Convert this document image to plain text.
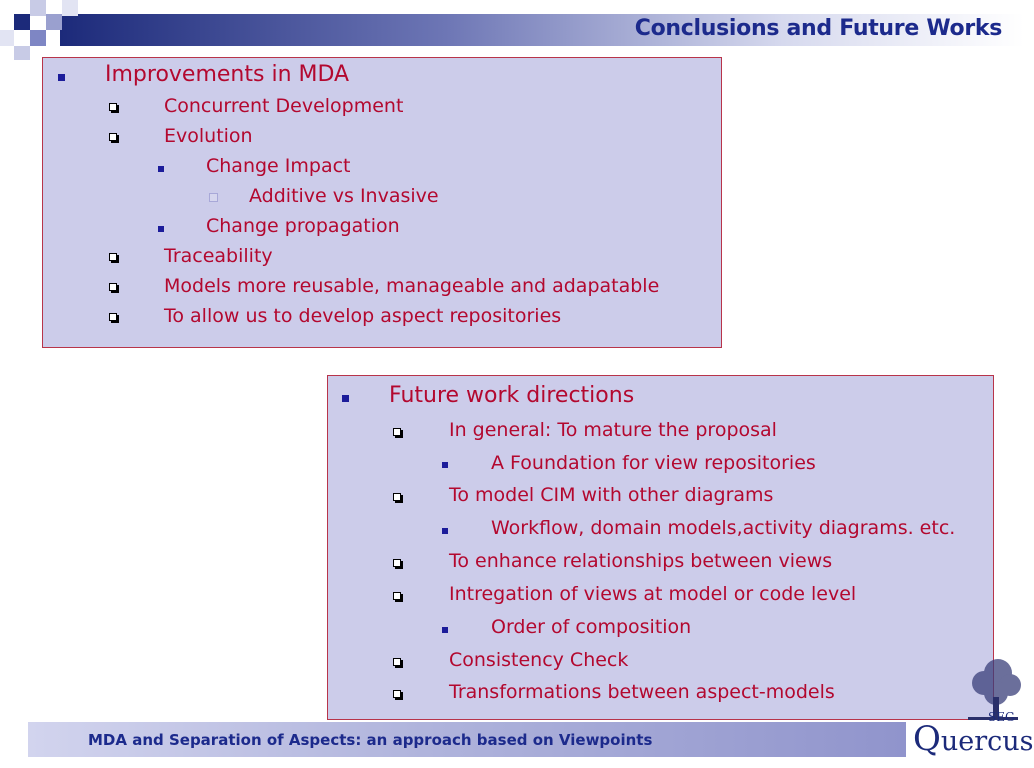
Conclusions and Future Works
Improvements in MDA
Concurrent Development
Evolution
Change Impact
Additive vs Invasive
Change propagation
Traceability
Models more reusable, manageable and adapatable
To allow us to develop aspect repositories
Future work directions
In general: To mature the proposal
A Foundation for view repositories
To model CIM with other diagrams
Workflow, domain models,activity diagrams. etc.
To enhance relationships between views
Intregation of views at model or code level
Order of composition
Consistency Check
Transformations between aspect-models
MDA and Separation of Aspects: an approach based on Viewpoints
SEG
Quercus
